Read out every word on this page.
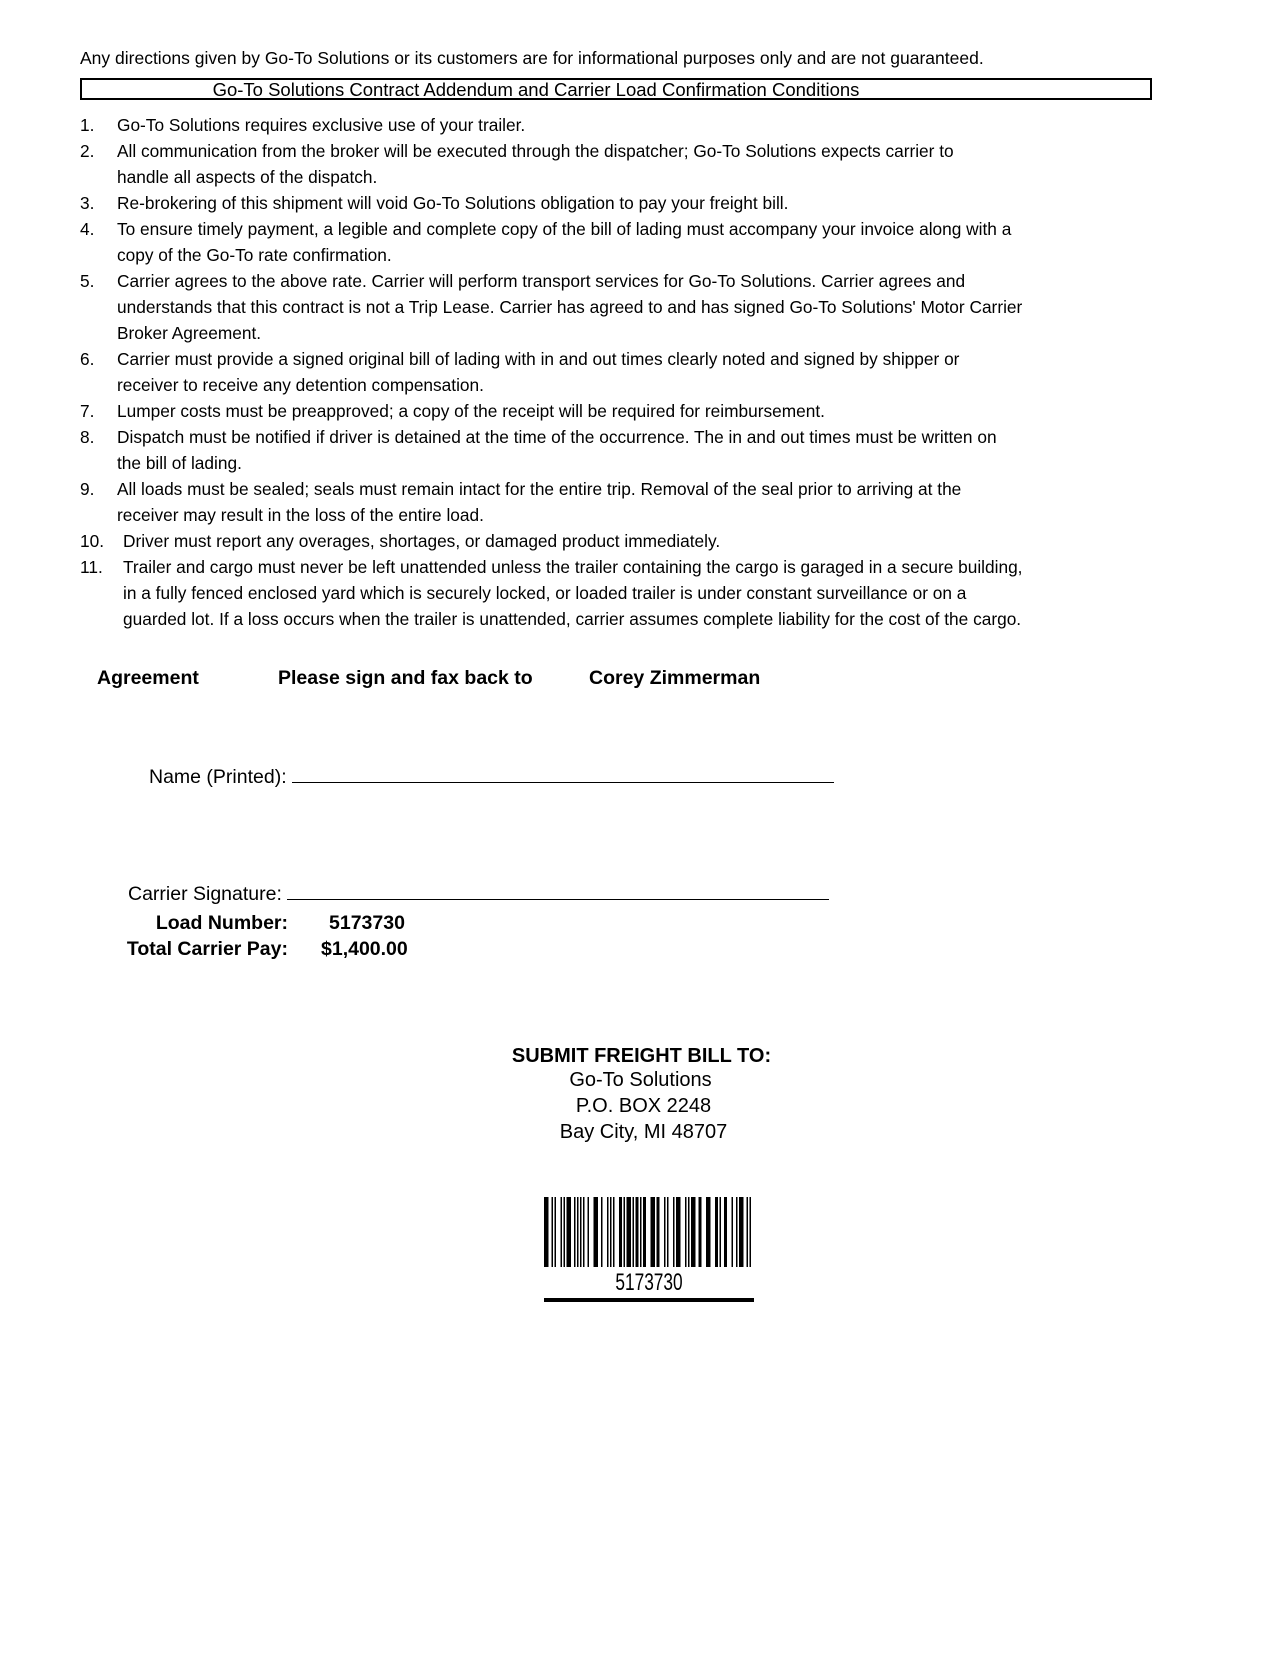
Any directions given by Go-To Solutions or its customers are for informational purposes only and are not guaranteed.
Go-To Solutions Contract Addendum and Carrier Load Confirmation Conditions
1. Go-To Solutions requires exclusive use of your trailer.
2. All communication from the broker will be executed through the dispatcher; Go-To Solutions expects carrier to
handle all aspects of the dispatch.
3. Re-brokering of this shipment will void Go-To Solutions obligation to pay your freight bill.
4. To ensure timely payment, a legible and complete copy of the bill of lading must accompany your invoice along with a
copy of the Go-To rate confirmation.
5. Carrier agrees to the above rate. Carrier will perform transport services for Go-To Solutions. Carrier agrees and
understands that this contract is not a Trip Lease. Carrier has agreed to and has signed Go-To Solutions' Motor Carrier
Broker Agreement.
6. Carrier must provide a signed original bill of lading with in and out times clearly noted and signed by shipper or
receiver to receive any detention compensation.
7. Lumper costs must be preapproved; a copy of the receipt will be required for reimbursement.
8. Dispatch must be notified if driver is detained at the time of the occurrence. The in and out times must be written on
the bill of lading.
9. All loads must be sealed; seals must remain intact for the entire trip. Removal of the seal prior to arriving at the
receiver may result in the loss of the entire load.
10. Driver must report any overages, shortages, or damaged product immediately.
11. Trailer and cargo must never be left unattended unless the trailer containing the cargo is garaged in a secure building,
in a fully fenced enclosed yard which is securely locked, or loaded trailer is under constant surveillance or on a
guarded lot. If a loss occurs when the trailer is unattended, carrier assumes complete liability for the cost of the cargo.
Agreement	Please sign and fax back to	Corey Zimmerman
Name (Printed):
Carrier Signature:
Load Number: 5173730
Total Carrier Pay: $1,400.00
SUBMIT FREIGHT BILL TO:
Go-To Solutions
P.O. BOX 2248
Bay City, MI 48707
5173730
